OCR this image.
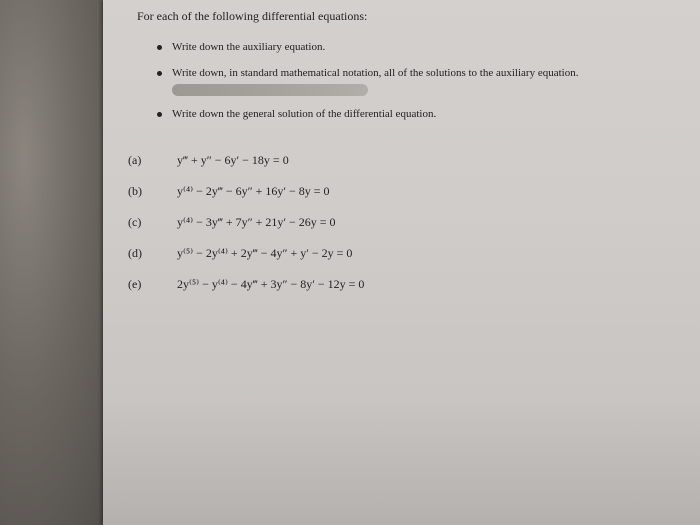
For each of the following differential equations:
Write down the auxiliary equation.
Write down, in standard mathematical notation, all of the solutions to the auxiliary equation.
Write down the general solution of the differential equation.
(a)	y‴ + y″ − 6y′ − 18y = 0
(b)	y⁽⁴⁾ − 2y‴ − 6y″ + 16y′ − 8y = 0
(c)	y⁽⁴⁾ − 3y‴ + 7y″ + 21y′ − 26y = 0
(d)	y⁽⁵⁾ − 2y⁽⁴⁾ + 2y‴ − 4y″ + y′ − 2y = 0
(e)	2y⁽⁵⁾ − y⁽⁴⁾ − 4y‴ + 3y″ − 8y′ − 12y = 0
